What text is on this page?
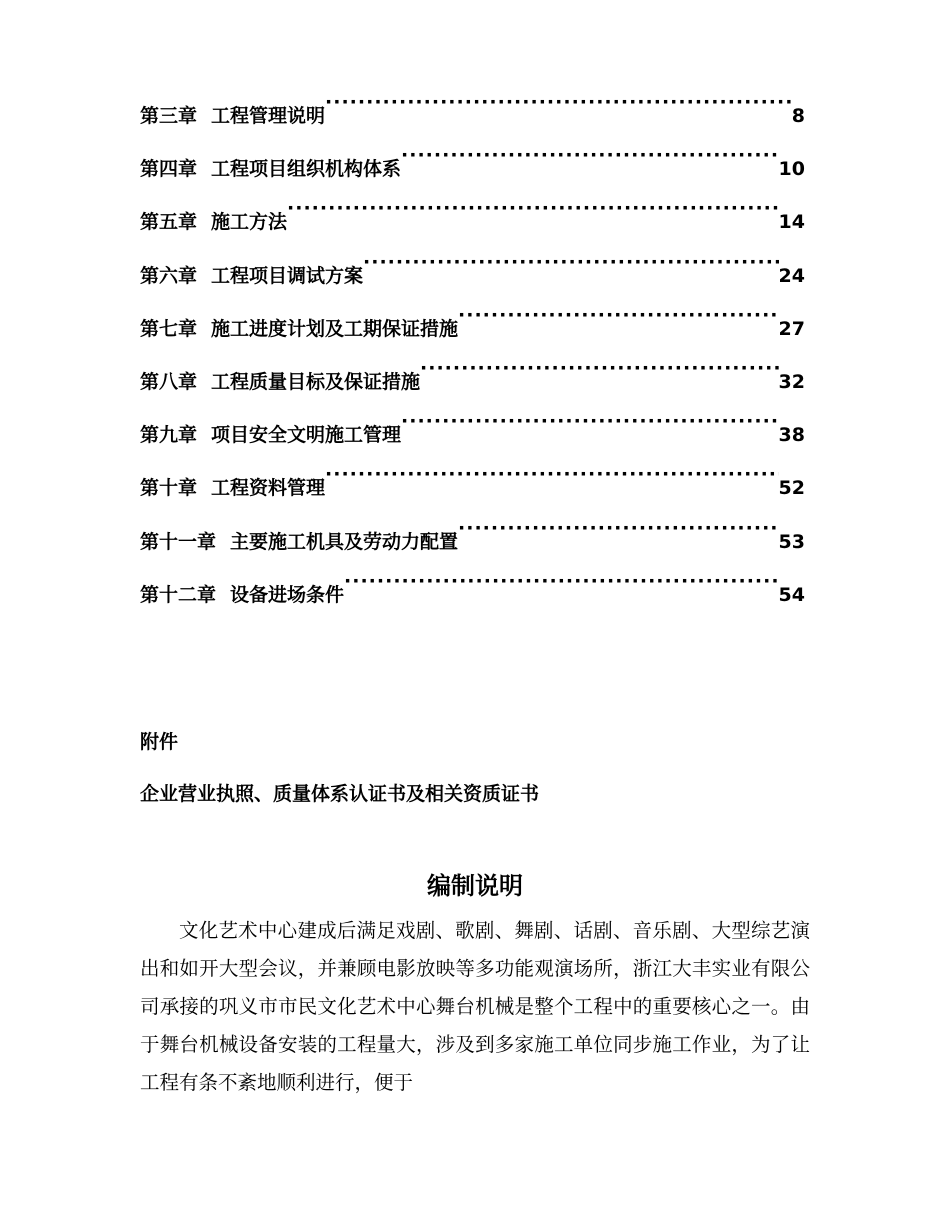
第三章 工程管理说明 ·····	8
第四章 工程项目组织机构体系 ·····	10
第五章 施工方法 ·····	14
第六章 工程项目调试方案 ·····	24
第七章 施工进度计划及工期保证措施 ·····	27
第八章 工程质量目标及保证措施 ·····	32
第九章 项目安全文明施工管理 ·····	38
第十章 工程资料管理 ·····	52
第十一章 主要施工机具及劳动力配置 ·····	53
第十二章 设备进场条件 ·····	54
附件
企业营业执照、质量体系认证书及相关资质证书
编制说明
文化艺术中心建成后满足戏剧、歌剧、舞剧、话剧、音乐剧、大型综艺演出和如开大型会议，并兼顾电影放映等多功能观演场所，浙江大丰实业有限公司承接的巩义市市民文化艺术中心舞台机械是整个工程中的重要核心之一。由于舞台机械设备安装的工程量大，涉及到多家施工单位同步施工作业，为了让工程有条不紊地顺利进行，便于
